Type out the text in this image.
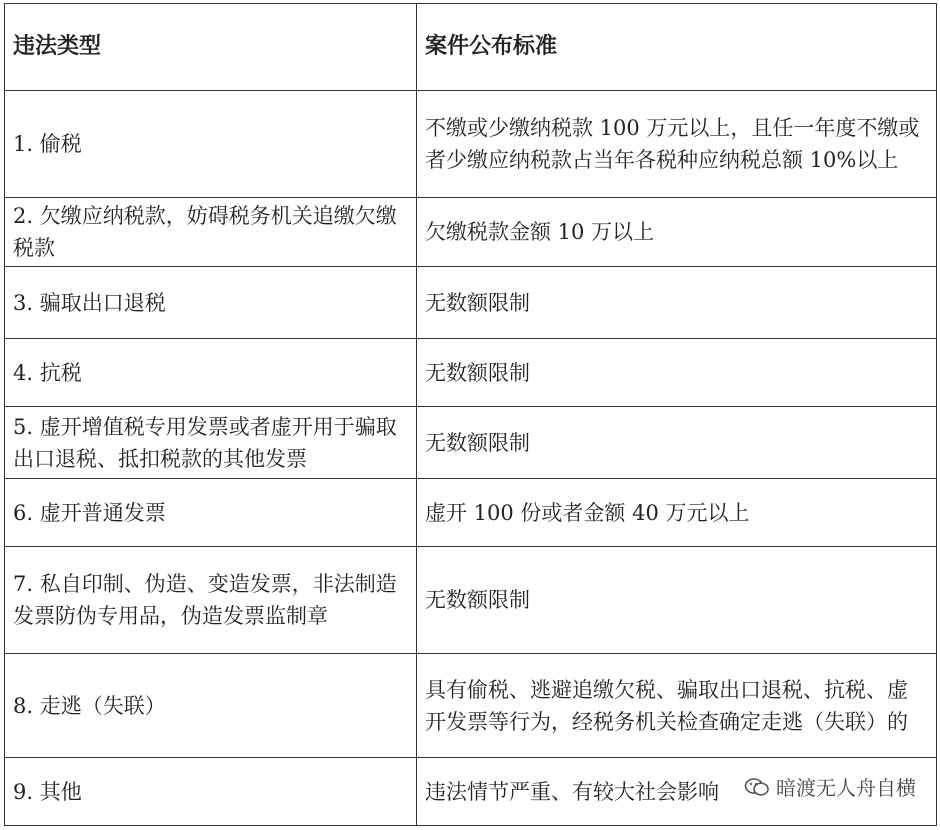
违法类型	案件公布标准
1. 偷税	不缴或少缴纳税款 100 万元以上，且任一年度不缴或者少缴应纳税款占当年各税种应纳税总额 10%以上
2. 欠缴应纳税款，妨碍税务机关追缴欠缴税款	欠缴税款金额 10 万以上
3. 骗取出口退税	无数额限制
4. 抗税	无数额限制
5. 虚开增值税专用发票或者虚开用于骗取出口退税、抵扣税款的其他发票	无数额限制
6. 虚开普通发票	虚开 100 份或者金额 40 万元以上
7. 私自印制、伪造、变造发票，非法制造发票防伪专用品，伪造发票监制章	无数额限制
8. 走逃（失联）	具有偷税、逃避追缴欠税、骗取出口退税、抗税、虚开发票等行为，经税务机关检查确定走逃（失联）的
9. 其他	违法情节严重、有较大社会影响	暗渡无人舟自横
